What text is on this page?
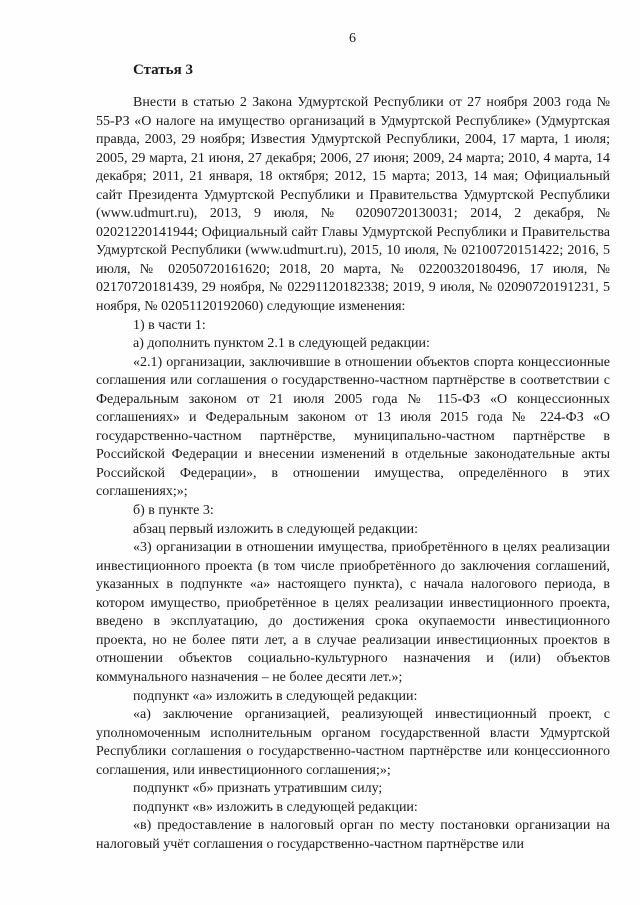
6
Статья 3

Внести в статью 2 Закона Удмуртской Республики от 27 ноября 2003 года № 55-РЗ «О налоге на имущество организаций в Удмуртской Республике» (Удмуртская правда, 2003, 29 ноября; Известия Удмуртской Республики, 2004, 17 марта, 1 июля; 2005, 29 марта, 21 июня, 27 декабря; 2006, 27 июня; 2009, 24 марта; 2010, 4 марта, 14 декабря; 2011, 21 января, 18 октября; 2012, 15 марта; 2013, 14 мая; Официальный сайт Президента Удмуртской Республики и Правительства Удмуртской Республики (www.udmurt.ru), 2013, 9 июля, № 02090720130031; 2014, 2 декабря, № 02021220141944; Официальный сайт Главы Удмуртской Республики и Правительства Удмуртской Республики (www.udmurt.ru), 2015, 10 июля, № 02100720151422; 2016, 5 июля, № 02050720161620; 2018, 20 марта, № 02200320180496, 17 июля, № 02170720181439, 29 ноября, № 02291120182338; 2019, 9 июля, № 02090720191231, 5 ноября, № 02051120192060) следующие изменения:

1) в части 1:

а) дополнить пунктом 2.1 в следующей редакции:

«2.1) организации, заключившие в отношении объектов спорта концессионные соглашения или соглашения о государственно-частном партнёрстве в соответствии с Федеральным законом от 21 июля 2005 года № 115-ФЗ «О концессионных соглашениях» и Федеральным законом от 13 июля 2015 года № 224-ФЗ «О государственно-частном партнёрстве, муниципально-частном партнёрстве в Российской Федерации и внесении изменений в отдельные законодательные акты Российской Федерации», в отношении имущества, определённого в этих соглашениях;»;

б) в пункте 3:

абзац первый изложить в следующей редакции:

«3) организации в отношении имущества, приобретённого в целях реализации инвестиционного проекта (в том числе приобретённого до заключения соглашений, указанных в подпункте «а» настоящего пункта), с начала налогового периода, в котором имущество, приобретённое в целях реализации инвестиционного проекта, введено в эксплуатацию, до достижения срока окупаемости инвестиционного проекта, но не более пяти лет, а в случае реализации инвестиционных проектов в отношении объектов социально-культурного назначения и (или) объектов коммунального назначения – не более десяти лет.»;

подпункт «а» изложить в следующей редакции:

«а) заключение организацией, реализующей инвестиционный проект, с уполномоченным исполнительным органом государственной власти Удмуртской Республики соглашения о государственно-частном партнёрстве или концессионного соглашения, или инвестиционного соглашения;»;

подпункт «б» признать утратившим силу;

подпункт «в» изложить в следующей редакции:

«в) предоставление в налоговый орган по месту постановки организации на налоговый учёт соглашения о государственно-частном партнёрстве или
